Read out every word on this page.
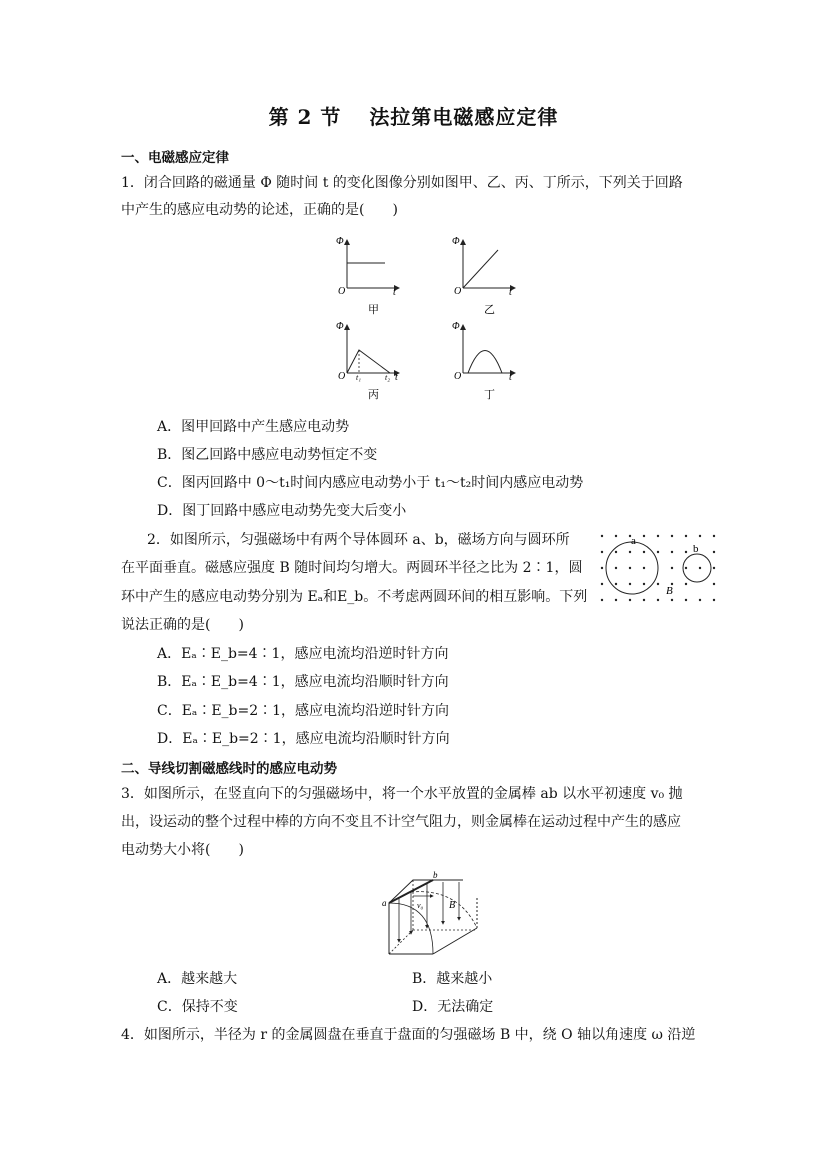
第 2 节 法拉第电磁感应定律
一、电磁感应定律
1．闭合回路的磁通量 Φ 随时间 t 的变化图像分别如图甲、乙、丙、丁所示，下列关于回路
中产生的感应电动势的论述，正确的是(　　)
Φ
O	t
甲
Φ
O	t
乙
Φ
O t₁	t₂ t
丙
Φ
O	t
丁
A．图甲回路中产生感应电动势
B．图乙回路中感应电动势恒定不变
C．图丙回路中 0～t₁时间内感应电动势小于 t₁～t₂时间内感应电动势
D．图丁回路中感应电动势先变大后变小
2．如图所示，匀强磁场中有两个导体圆环 a、b，磁场方向与圆环所
在平面垂直。磁感应强度 B 随时间均匀增大。两圆环半径之比为 2∶1，圆
环中产生的感应电动势分别为 Eₐ和E_b。不考虑两圆环间的相互影响。下列
说法正确的是(　　)
a
b
B
A．Eₐ∶E_b=4∶1，感应电流均沿逆时针方向
B．Eₐ∶E_b=4∶1，感应电流均沿顺时针方向
C．Eₐ∶E_b=2∶1，感应电流均沿逆时针方向
D．Eₐ∶E_b=2∶1，感应电流均沿顺时针方向
二、导线切割磁感线时的感应电动势
3．如图所示，在竖直向下的匀强磁场中，将一个水平放置的金属棒 ab 以水平初速度 v₀ 抛
出，设运动的整个过程中棒的方向不变且不计空气阻力，则金属棒在运动过程中产生的感应
电动势大小将(　　)
a
b
v₀	B
A．越来越大	B．越来越小
C．保持不变	D．无法确定
4．如图所示，半径为 r 的金属圆盘在垂直于盘面的匀强磁场 B 中，绕 O 轴以角速度 ω 沿逆
